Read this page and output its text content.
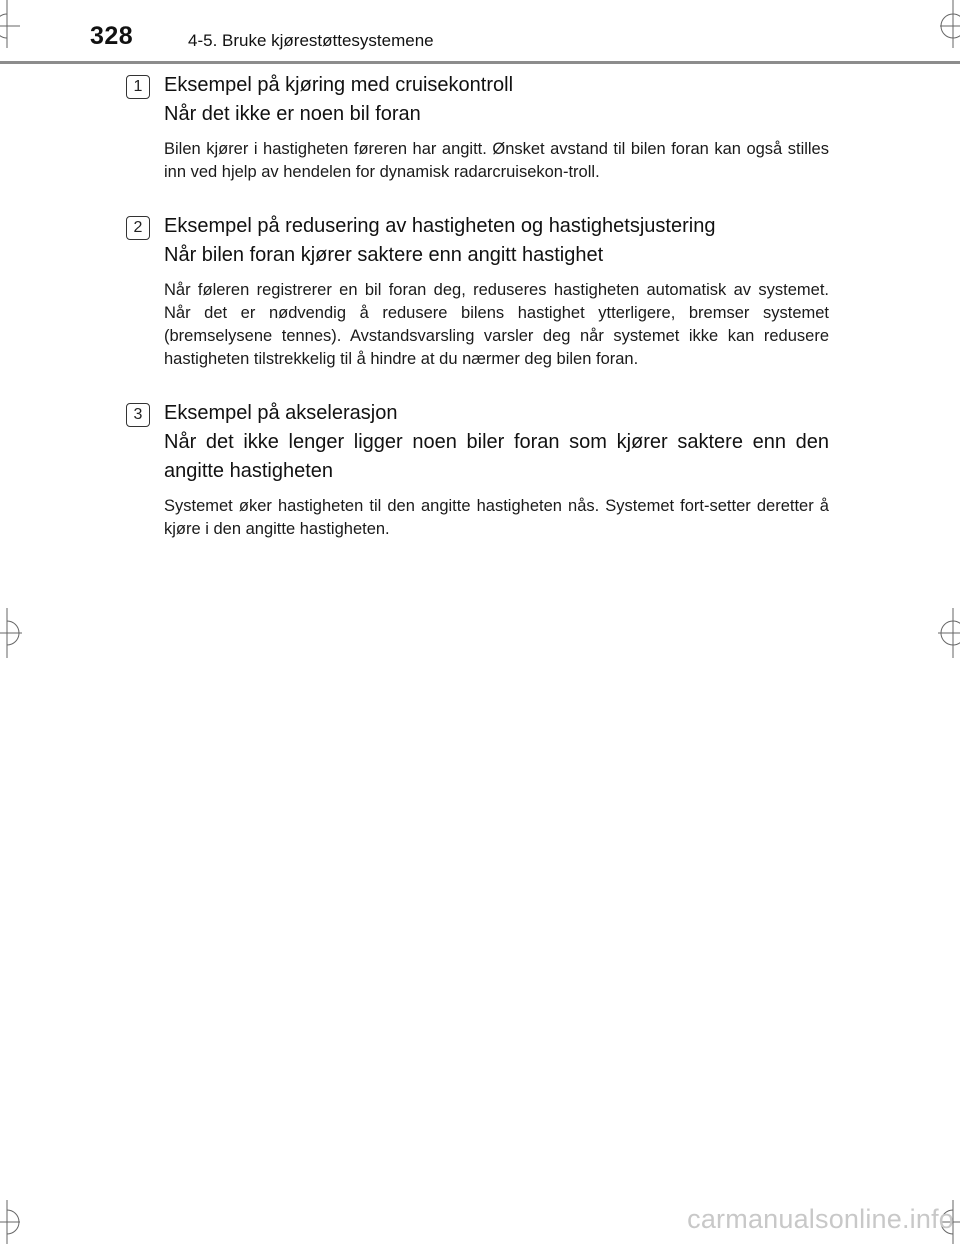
328	4-5. Bruke kjørestøttesystemene
1	Eksempel på kjøring med cruisekontroll

Når det ikke er noen bil foran

Bilen kjører i hastigheten føreren har angitt. Ønsket avstand til bilen foran kan også stilles inn ved hjelp av hendelen for dynamisk radarcruisekon-troll.

2	Eksempel på redusering av hastigheten og hastighetsjustering

Når bilen foran kjører saktere enn angitt hastighet

Når føleren registrerer en bil foran deg, reduseres hastigheten automatisk av systemet. Når det er nødvendig å redusere bilens hastighet ytterligere, bremser systemet (bremselysene tennes). Avstandsvarsling varsler deg når systemet ikke kan redusere hastigheten tilstrekkelig til å hindre at du nærmer deg bilen foran.

3	Eksempel på akselerasjon

Når det ikke lenger ligger noen biler foran som kjører saktere enn den angitte hastigheten

Systemet øker hastigheten til den angitte hastigheten nås. Systemet fort-setter deretter å kjøre i den angitte hastigheten.

carmanualsonline.info
